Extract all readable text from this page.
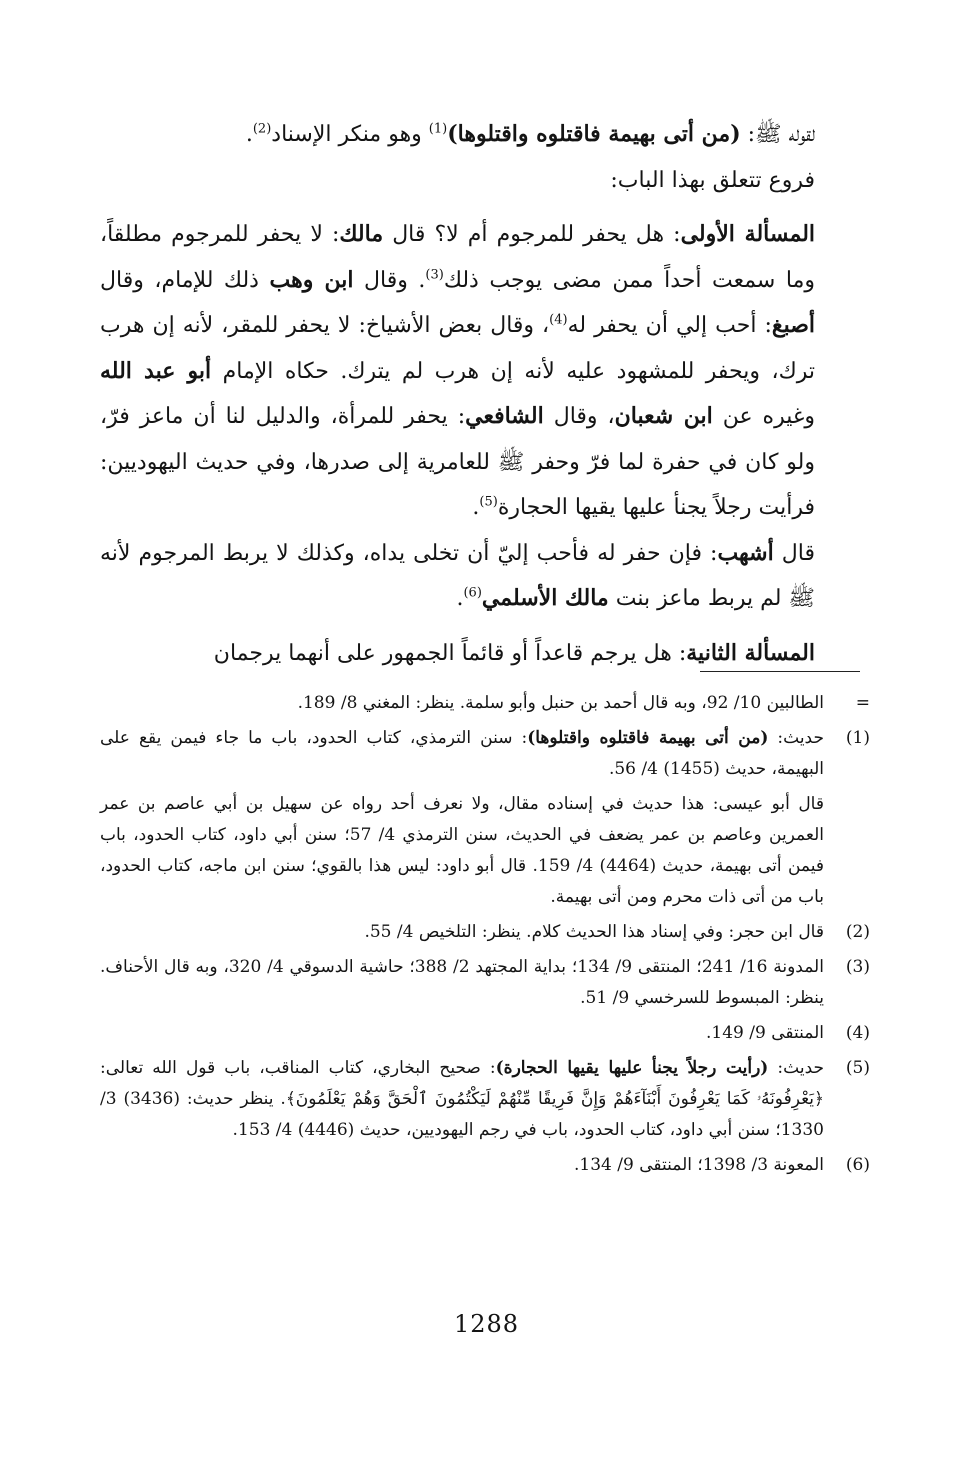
لقوله ﷺ: (من أتى بهيمة فاقتلوه واقتلوها)$^{(1)}$ وهو منكر الإسناد$^{(2)}$.

فروع تتعلق بهذا الباب:

المسألة الأولى: هل يحفر للمرجوم أم لا؟ قال مالك: لا يحفر للمرجوم مطلقاً، وما سمعت أحداً ممن مضى يوجب ذلك$^{(3)}$. وقال ابن وهب ذلك للإمام، وقال أصبغ: أحب إلي أن يحفر له$^{(4)}$، وقال بعض الأشياخ: لا يحفر للمقر، لأنه إن هرب ترك، ويحفر للمشهود عليه لأنه إن هرب لم يترك. حكاه الإمام أبو عبد الله وغيره عن ابن شعبان، وقال الشافعي: يحفر للمرأة، والدليل لنا أن ماعز فرّ، ولو كان في حفرة لما فرّ وحفر ﷺ للعامرية إلى صدرها، وفي حديث اليهوديين: فرأيت رجلاً يجنأ عليها يقيها الحجارة$^{(5)}$.

قال أشهب: فإن حفر له فأحب إليّ أن تخلى يداه، وكذلك لا يربط المرجوم لأنه ﷺ لم يربط ماعز بنت مالك الأسلمي$^{(6)}$.

المسألة الثانية: هل يرجم قاعداً أو قائماً الجمهور على أنهما يرجمان

=
الطالبين 10/ 92، وبه قال أحمد بن حنبل وأبو سلمة. ينظر: المغني 8/ 189.
(1)

حديث: (من أتى بهيمة فاقتلوه واقتلوها): سنن الترمذي، كتاب الحدود، باب ما جاء فيمن يقع على البهيمة، حديث (1455) 4/ 56.

قال أبو عيسى: هذا حديث في إسناده مقال، ولا نعرف أحد رواه عن سهيل بن أبي عاصم بن عمر العمرين وعاصم بن عمر يضعف في الحديث، سنن الترمذي 4/ 57؛ سنن أبي داود، كتاب الحدود، باب فيمن أتى بهيمة، حديث (4464) 4/ 159. قال أبو داود: ليس هذا بالقوي؛ سنن ابن ماجه، كتاب الحدود، باب من أتى ذات محرم ومن أتى بهيمة.

(2)
قال ابن حجر: وفي إسناد هذا الحديث كلام. ينظر: التلخيص 4/ 55.
(3)
المدونة 16/ 241؛ المنتقى 9/ 134؛ بداية المجتهد 2/ 388؛ حاشية الدسوقي 4/ 320، وبه قال الأحناف. ينظر: المبسوط للسرخسي 9/ 51.
(4)
المنتقى 9/ 149.
(5)
حديث: (رأيت رجلاً يجنأ عليها يقيها الحجارة): صحيح البخاري، كتاب المناقب، باب قول الله تعالى: ﴿يَعْرِفُونَهُۥ كَمَا يَعْرِفُونَ أَبْنَآءَهُمْ وَإِنَّ فَرِيقًا مِّنْهُمْ لَيَكْتُمُونَ ٱلْحَقَّ وَهُمْ يَعْلَمُونَ﴾. ينظر حديث: (3436) 3/ 1330؛ سنن أبي داود، كتاب الحدود، باب في رجم اليهوديين، حديث (4446) 4/ 153.
(6)
المعونة 3/ 1398؛ المنتقى 9/ 134.
1288
